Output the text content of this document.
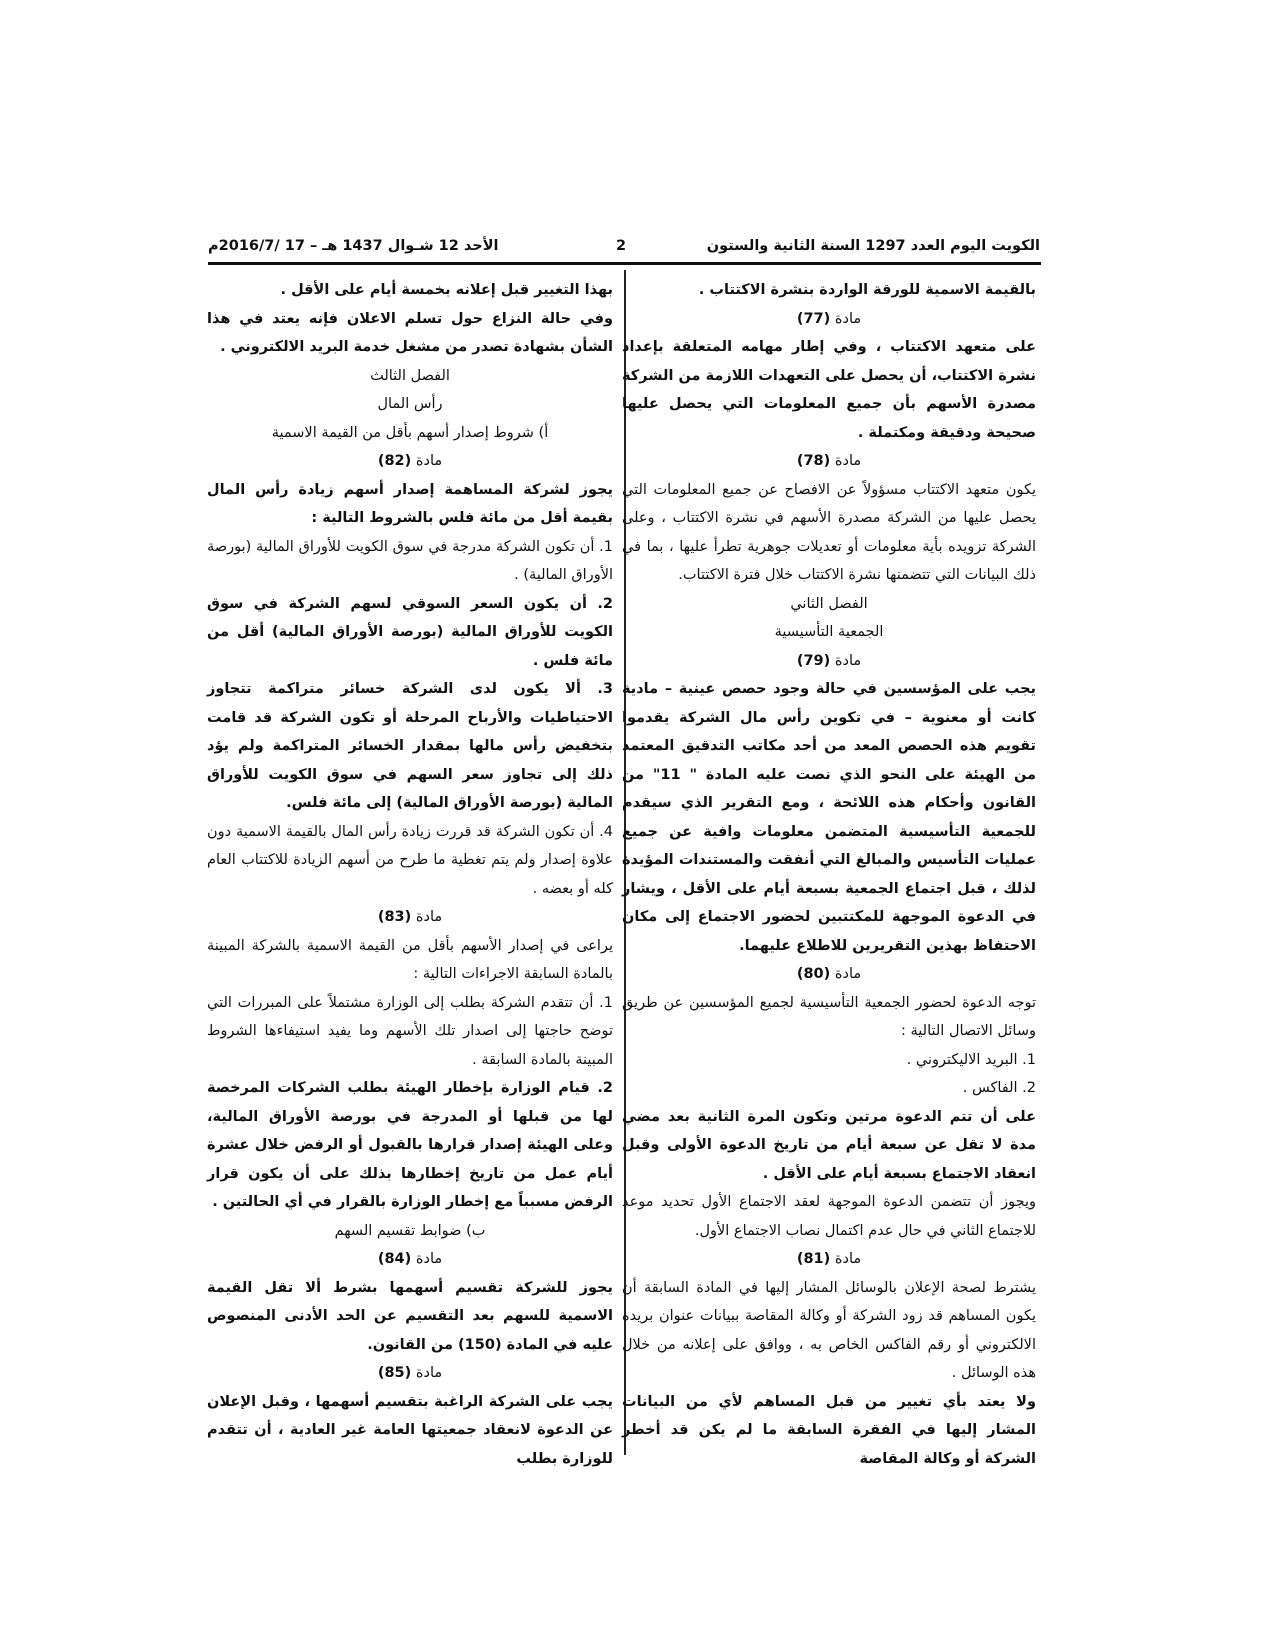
الكويت اليوم العدد 1297 السنة الثانية والستون
2
الأحد 12 شـوال 1437 هـ – 17 /2016/7م

بالقيمة الاسمية للورقة الواردة بنشرة الاكتتاب .

مادة (77)

على متعهد الاكتتاب ، وفي إطار مهامه المتعلقة بإعداد نشرة الاكتتاب، أن يحصل على التعهدات اللازمة من الشركة مصدرة الأسهم بأن جميع المعلومات التي يحصل عليها صحيحة ودقيقة ومكتملة .

مادة (78)

يكون متعهد الاكتتاب مسؤولاً عن الافصاح عن جميع المعلومات التي يحصل عليها من الشركة مصدرة الأسهم في نشرة الاكتتاب ، وعلى الشركة تزويده بأية معلومات أو تعديلات جوهرية تطرأ عليها ، بما في ذلك البيانات التي تتضمنها نشرة الاكتتاب خلال فترة الاكتتاب.

الفصل الثاني

الجمعية التأسيسية

مادة (79)

يجب على المؤسسين في حالة وجود حصص عينية – مادية كانت أو معنوية – في تكوين رأس مال الشركة يقدموا تقويم هذه الحصص المعد من أحد مكاتب التدقيق المعتمد من الهيئة على النحو الذي نصت عليه المادة " 11" من القانون وأحكام هذه اللائحة ، ومع التقرير الذي سيقدم للجمعية التأسيسية المتضمن معلومات وافية عن جميع عمليات التأسيس والمبالغ التي أنفقت والمستندات المؤيدة لذلك ، قبل اجتماع الجمعية بسبعة أيام على الأقل ، ويشار في الدعوة الموجهة للمكتتبين لحضور الاجتماع إلى مكان الاحتفاظ بهذين التقريرين للاطلاع عليهما.

مادة (80)

توجه الدعوة لحضور الجمعية التأسيسية لجميع المؤسسين عن طريق وسائل الاتصال التالية :

1. البريد الاليكتروني .

2. الفاكس .

على أن تتم الدعوة مرتين وتكون المرة الثانية بعد مضي مدة لا تقل عن سبعة أيام من تاريخ الدعوة الأولى وقبل انعقاد الاجتماع بسبعة أيام على الأقل .

ويجوز أن تتضمن الدعوة الموجهة لعقد الاجتماع الأول تحديد موعد للاجتماع الثاني في حال عدم اكتمال نصاب الاجتماع الأول.

مادة (81)

يشترط لصحة الإعلان بالوسائل المشار إليها في المادة السابقة أن يكون المساهم قد زود الشركة أو وكالة المقاصة ببيانات عنوان بريده الالكتروني أو رقم الفاكس الخاص به ، ووافق على إعلانه من خلال هذه الوسائل .

ولا يعتد بأي تغيير من قبل المساهم لأي من البيانات المشار إليها في الفقرة السابقة ما لم يكن قد أخطر الشركة أو وكالة المقاصة

بهذا التغيير قبل إعلانه بخمسة أيام على الأقل .

وفي حالة النزاع حول تسلم الاعلان فإنه يعتد في هذا الشأن بشهادة تصدر من مشغل خدمة البريد الالكتروني .

الفصل الثالث

رأس المال

أ) شروط إصدار أسهم بأقل من القيمة الاسمية

مادة (82)

يجوز لشركة المساهمة إصدار أسهم زيادة رأس المال بقيمة أقل من مائة فلس بالشروط التالية :

1. أن تكون الشركة مدرجة في سوق الكويت للأوراق المالية (بورصة الأوراق المالية) .

2. أن يكون السعر السوقي لسهم الشركة في سوق الكويت للأوراق المالية (بورصة الأوراق المالية) أقل من مائة فلس .

3. ألا يكون لدى الشركة خسائر متراكمة تتجاوز الاحتياطيات والأرباح المرحلة أو تكون الشركة قد قامت بتخفيض رأس مالها بمقدار الخسائر المتراكمة ولم يؤد ذلك إلى تجاوز سعر السهم في سوق الكويت للأوراق المالية (بورصة الأوراق المالية) إلى مائة فلس.

4. أن تكون الشركة قد قررت زيادة رأس المال بالقيمة الاسمية دون علاوة إصدار ولم يتم تغطية ما طرح من أسهم الزيادة للاكتتاب العام كله أو بعضه .

مادة (83)

يراعى في إصدار الأسهم بأقل من القيمة الاسمية بالشركة المبينة بالمادة السابقة الاجراءات التالية :

1. أن تتقدم الشركة بطلب إلى الوزارة مشتملاً على المبررات التي توضح حاجتها إلى اصدار تلك الأسهم وما يفيد استيفاءها الشروط المبينة بالمادة السابقة .

2. قيام الوزارة بإخطار الهيئة بطلب الشركات المرخصة لها من قبلها أو المدرجة في بورصة الأوراق المالية، وعلى الهيئة إصدار قرارها بالقبول أو الرفض خلال عشرة أيام عمل من تاريخ إخطارها بذلك على أن يكون قرار الرفض مسبباً مع إخطار الوزارة بالقرار في أي الحالتين .

ب) ضوابط تقسيم السهم

مادة (84)

يجوز للشركة تقسيم أسهمها بشرط ألا تقل القيمة الاسمية للسهم بعد التقسيم عن الحد الأدنى المنصوص عليه في المادة (150) من القانون.

مادة (85)

يجب على الشركة الراغبة بتقسيم أسهمها ، وقبل الإعلان عن الدعوة لانعقاد جمعيتها العامة غير العادية ، أن تتقدم للوزارة بطلب
